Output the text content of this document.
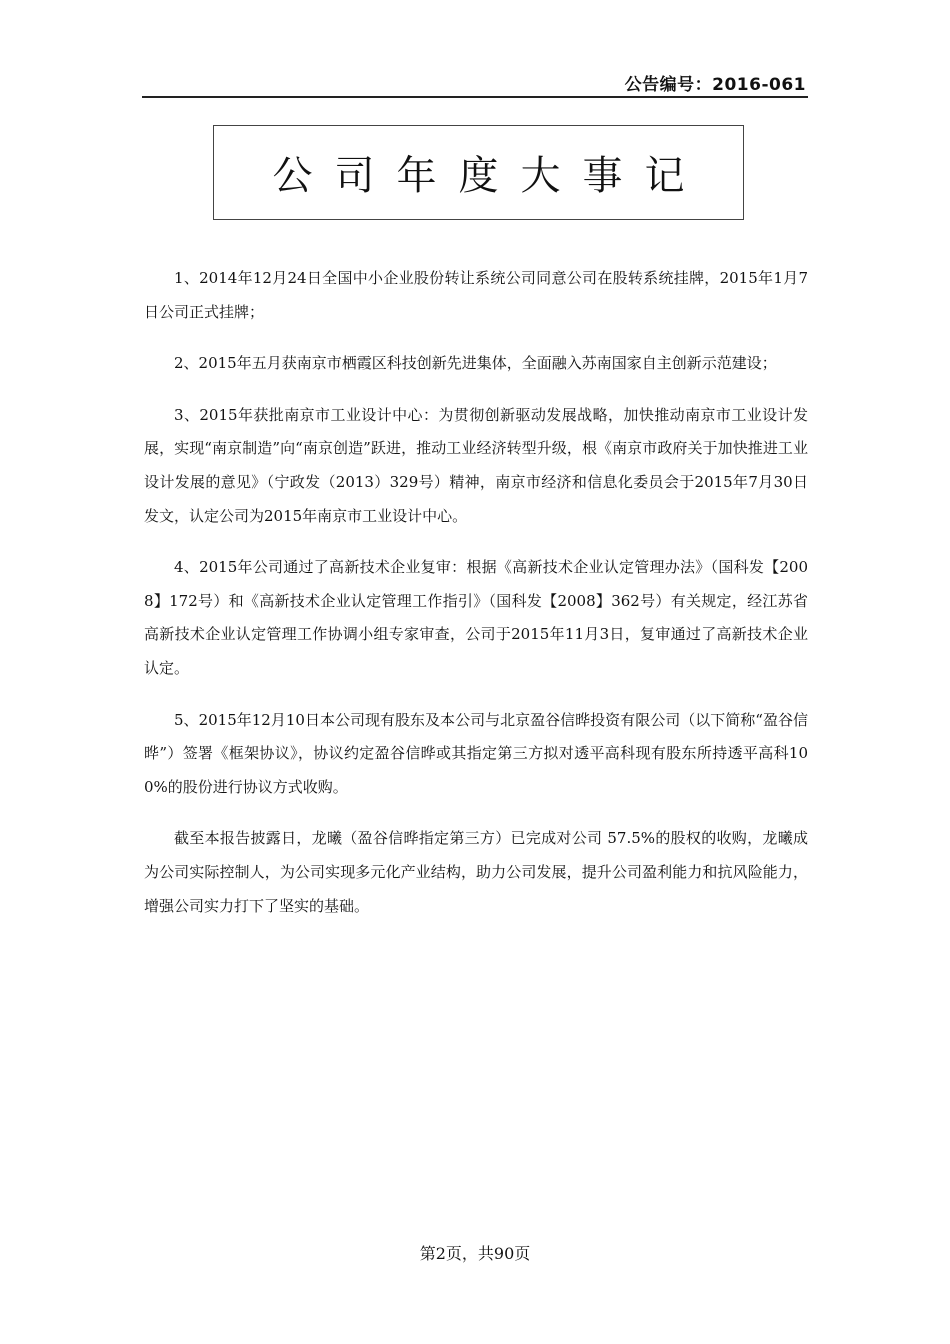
公告编号：2016-061
公司年度大事记

1、2014年12月24日全国中小企业股份转让系统公司同意公司在股转系统挂牌，2015年1月7日公司正式挂牌；

2、2015年五月获南京市栖霞区科技创新先进集体，全面融入苏南国家自主创新示范建设；

3、2015年获批南京市工业设计中心：为贯彻创新驱动发展战略，加快推动南京市工业设计发展，实现“南京制造”向“南京创造”跃进，推动工业经济转型升级，根《南京市政府关于加快推进工业设计发展的意见》（宁政发（2013）329号）精神，南京市经济和信息化委员会于2015年7月30日发文，认定公司为2015年南京市工业设计中心。

4、2015年公司通过了高新技术企业复审：根据《高新技术企业认定管理办法》（国科发【2008】172号）和《高新技术企业认定管理工作指引》（国科发【2008】362号）有关规定，经江苏省高新技术企业认定管理工作协调小组专家审查，公司于2015年11月3日，复审通过了高新技术企业认定。

5、2015年12月10日本公司现有股东及本公司与北京盈谷信晔投资有限公司（以下简称“盈谷信晔”）签署《框架协议》，协议约定盈谷信晔或其指定第三方拟对透平高科现有股东所持透平高科100%的股份进行协议方式收购。

截至本报告披露日，龙曦（盈谷信晔指定第三方）已完成对公司 57.5%的股权的收购，龙曦成为公司实际控制人，为公司实现多元化产业结构，助力公司发展，提升公司盈利能力和抗风险能力，增强公司实力打下了坚实的基础。

第2页，共90页
